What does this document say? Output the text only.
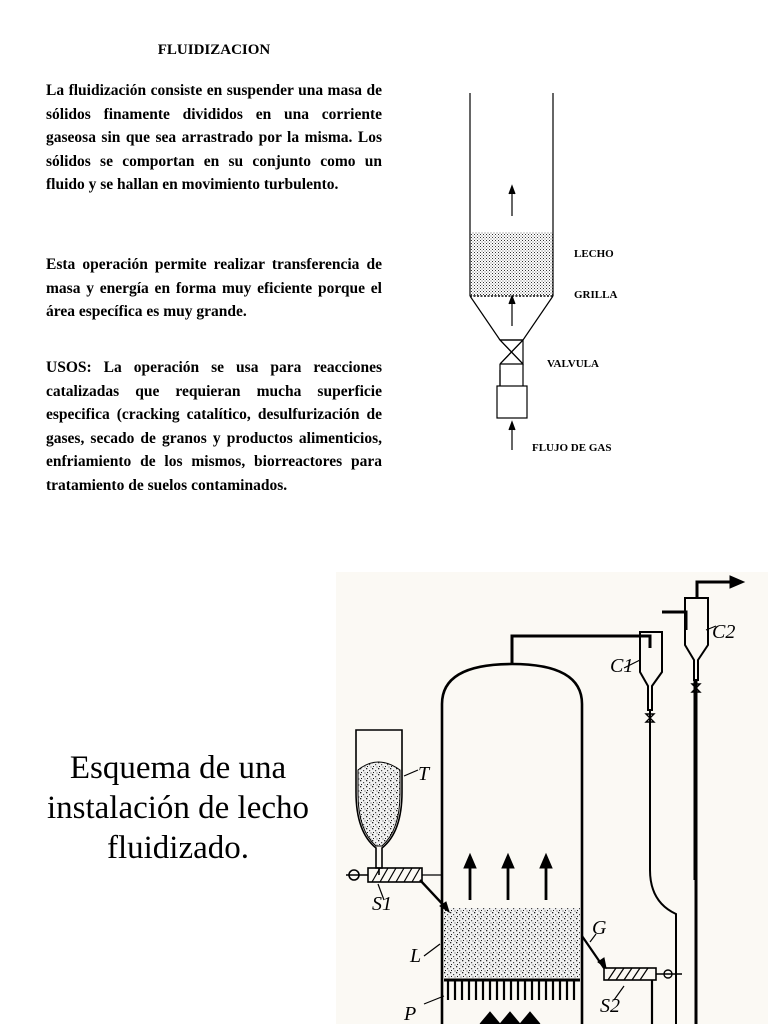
FLUIDIZACION

La fluidización consiste en suspender una masa de sólidos finamente divididos en una corriente gaseosa sin que sea arrastrado por la misma. Los sólidos se comportan en su conjunto como un fluido y se hallan en movimiento turbulento.

Esta operación permite realizar transferencia de masa y energía en forma muy eficiente porque el área específica es muy grande.

USOS: La operación se usa para reacciones catalizadas que requieran mucha superficie especifica (cracking catalítico, desulfurización de gases, secado de granos y productos alimenticios, enfriamiento de los mismos, biorreactores para tratamiento de suelos contaminados.

T
S1
L
P
G
S2
C1
C2
LECHO
GRILLA
VALVULA
FLUJO DE GAS
Esquema de una instalación de lecho fluidizado.
